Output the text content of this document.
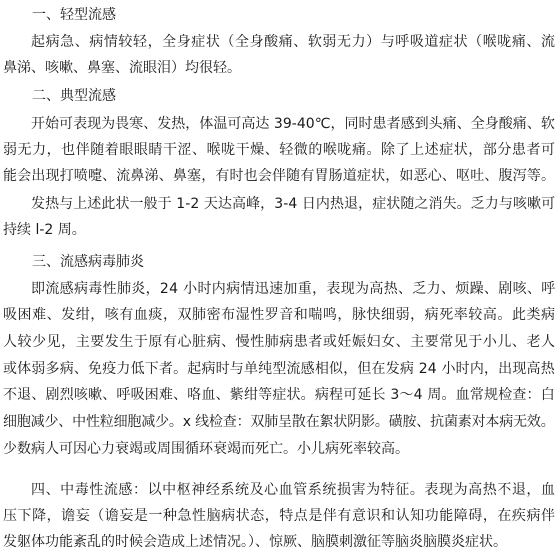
一、轻型流感
起病急、病情较轻，全身症状（全身酸痛、软弱无力）与呼吸道症状（喉咙痛、流
鼻涕、咳嗽、鼻塞、流眼泪）均很轻。
二、典型流感
开始可表现为畏寒、发热，体温可高达 39-40℃，同时患者感到头痛、全身酸痛、软
弱无力，也伴随着眼眼睛干涩、喉咙干燥、轻微的喉咙痛。除了上述症状，部分患者可
能会出现打喷嚏、流鼻涕、鼻塞，有时也会伴随有胃肠道症状，如恶心、呕吐、腹泻等。
发热与上述此状一般于 1-2 天达高峰，3-4 日内热退，症状随之消失。乏力与咳嗽可
持续 l-2 周。
三、流感病毒肺炎
即流感病毒性肺炎，24 小时内病情迅速加重，表现为高热、乏力、烦躁、剧咳、呼
吸困难、发绀，咳有血痰，双肺密布湿性罗音和喘鸣，脉快细弱，病死率较高。此类病
人较少见，主要发生于原有心脏病、慢性肺病患者或妊娠妇女、主要常见于小儿、老人
或体弱多病、免疫力低下者。起病时与单纯型流感相似，但在发病 24 小时内，出现高热
不退、剧烈咳嗽、呼吸困难、咯血、紫绀等症状。病程可延长 3～4 周。血常规检查：白
细胞减少、中性粒细胞减少。x 线检查：双肺呈散在絮状阴影。磺胺、抗菌素对本病无效。
少数病人可因心力衰竭或周围循环衰竭而死亡。小儿病死率较高。
四、中毒性流感：以中枢神经系统及心血管系统损害为特征。表现为高热不退，血
压下降，谵妄（谵妄是一种急性脑病状态，特点是伴有意识和认知功能障碍，在疾病伴
发躯体功能紊乱的时候会造成上述情况。）、惊厥、脑膜刺激征等脑炎脑膜炎症状。
